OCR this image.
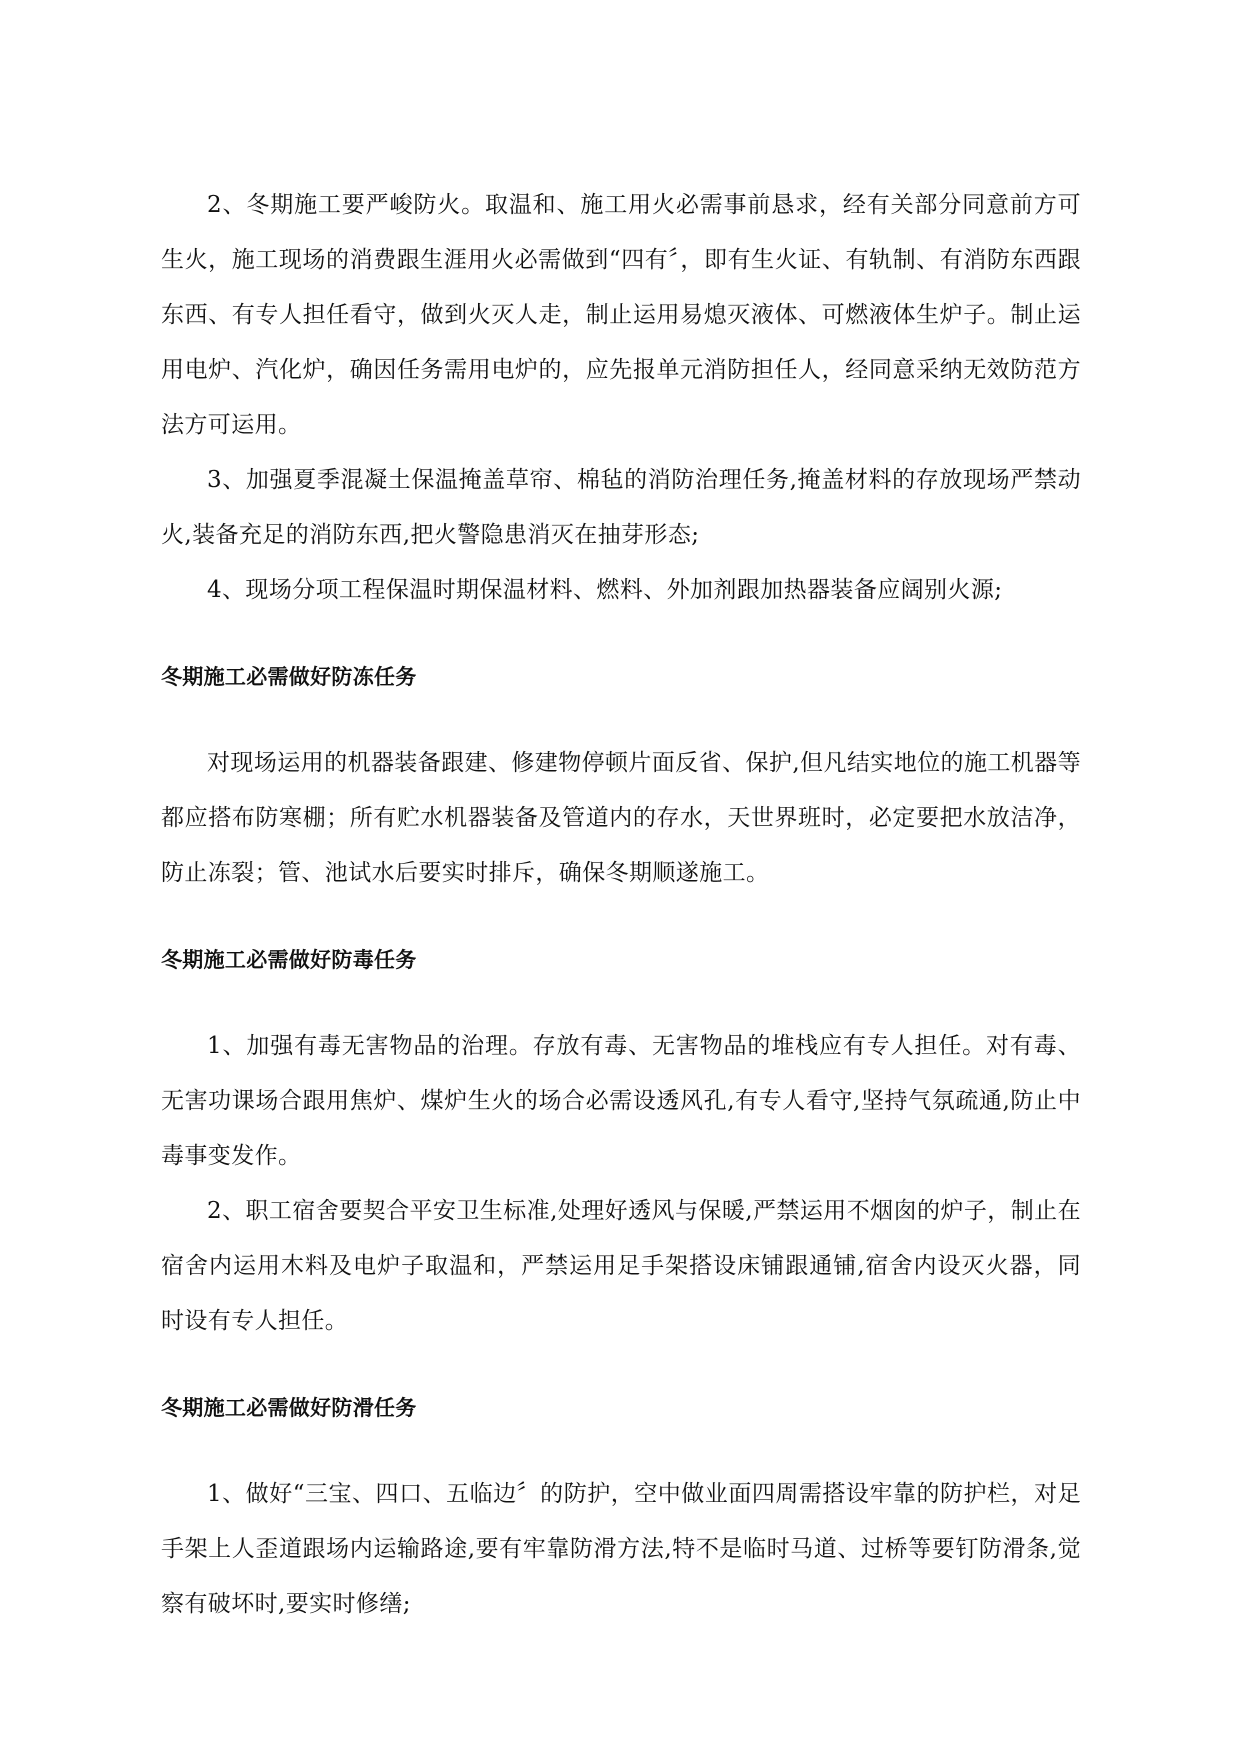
2、冬期施工要严峻防火。取温和、施工用火必需事前恳求，经有关部分同意前方可生火，施工现场的消费跟生涯用火必需做到“四有〞，即有生火证、有轨制、有消防东西跟东西、有专人担任看守，做到火灭人走，制止运用易熄灭液体、可燃液体生炉子。制止运用电炉、汽化炉，确因任务需用电炉的，应先报单元消防担任人，经同意采纳无效防范方法方可运用。

3、加强夏季混凝土保温掩盖草帘、棉毡的消防治理任务,掩盖材料的存放现场严禁动火,装备充足的消防东西,把火警隐患消灭在抽芽形态;

4、现场分项工程保温时期保温材料、燃料、外加剂跟加热器装备应阔别火源;

冬期施工必需做好防冻任务

对现场运用的机器装备跟建、修建物停顿片面反省、保护,但凡结实地位的施工机器等都应搭布防寒棚；所有贮水机器装备及管道内的存水，天世界班时，必定要把水放洁净，防止冻裂；管、池试水后要实时排斥，确保冬期顺遂施工。

冬期施工必需做好防毒任务

1、加强有毒无害物品的治理。存放有毒、无害物品的堆栈应有专人担任。对有毒、无害功课场合跟用焦炉、煤炉生火的场合必需设透风孔,有专人看守,坚持气氛疏通,防止中毒事变发作。

2、职工宿舍要契合平安卫生标准,处理好透风与保暖,严禁运用不烟囱的炉子，制止在宿舍内运用木料及电炉子取温和，严禁运用足手架搭设床铺跟通铺,宿舍内设灭火器，同时设有专人担任。

冬期施工必需做好防滑任务

1、做好“三宝、四口、五临边〞的防护，空中做业面四周需搭设牢靠的防护栏，对足手架上人歪道跟场内运输路途,要有牢靠防滑方法,特不是临时马道、过桥等要钉防滑条,觉察有破坏时,要实时修缮;
